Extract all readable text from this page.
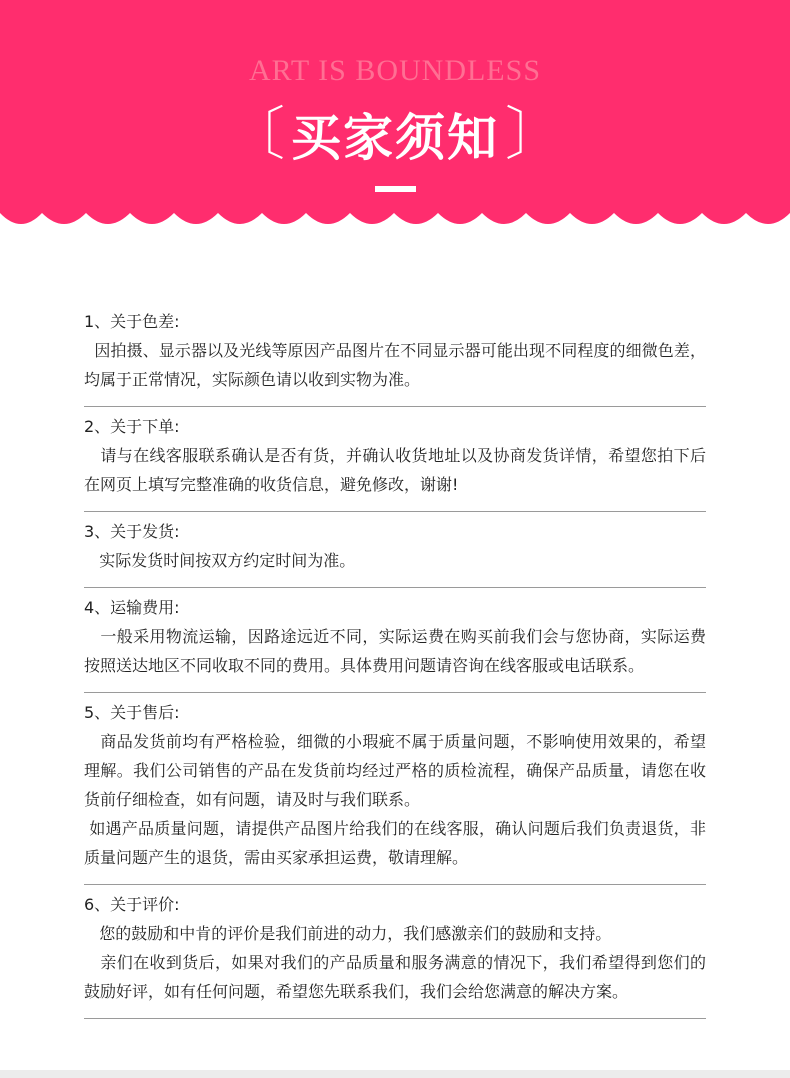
ART IS BOUNDLESS
〔 买家须知 〕
1、关于色差:
因拍摄、显示器以及光线等原因产品图片在不同显示器可能出现不同程度的细微色差，均属于正常情况，实际颜色请以收到实物为准。
2、关于下单:
请与在线客服联系确认是否有货，并确认收货地址以及协商发货详情，希望您拍下后在网页上填写完整准确的收货信息，避免修改，谢谢!
3、关于发货:
实际发货时间按双方约定时间为准。
4、运输费用:
一般采用物流运输，因路途远近不同，实际运费在购买前我们会与您协商，实际运费按照送达地区不同收取不同的费用。具体费用问题请咨询在线客服或电话联系。
5、关于售后:
商品发货前均有严格检验，细微的小瑕疵不属于质量问题，不影响使用效果的，希望理解。我们公司销售的产品在发货前均经过严格的质检流程，确保产品质量，请您在收货前仔细检查，如有问题，请及时与我们联系。
如遇产品质量问题，请提供产品图片给我们的在线客服，确认问题后我们负责退货，非质量问题产生的退货，需由买家承担运费，敬请理解。
6、关于评价:
您的鼓励和中肯的评价是我们前进的动力，我们感激亲们的鼓励和支持。
亲们在收到货后，如果对我们的产品质量和服务满意的情况下，我们希望得到您们的鼓励好评，如有任何问题，希望您先联系我们，我们会给您满意的解决方案。
